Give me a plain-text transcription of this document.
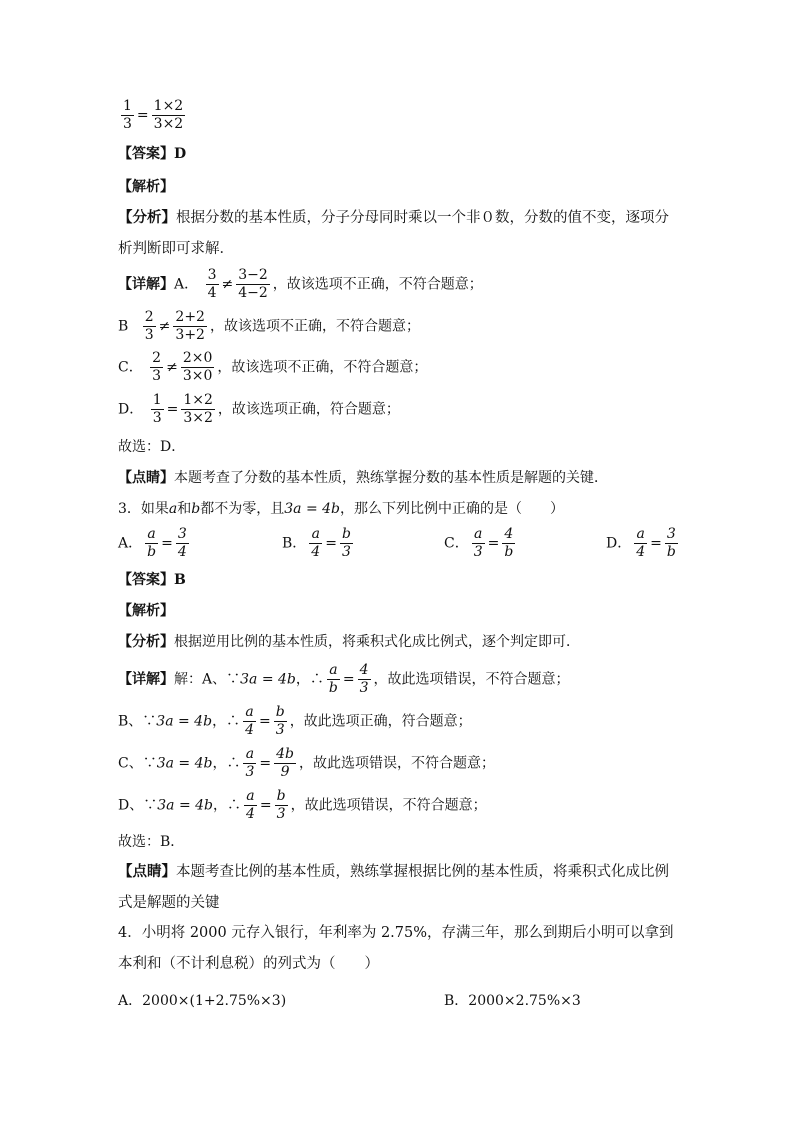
$\frac{1}{3} = \frac{1\times 2}{3\times 2}$
【答案】D
【解析】
【分析】根据分数的基本性质，分子分母同时乘以一个非０数，分数的值不变，逐项分析判断即可求解．
【详解】A． $\frac{3}{4} \ne \frac{3-2}{4-2}$ ，故该选项不正确，不符合题意；
B $\frac{2}{3} \ne \frac{2+2}{3+2}$ ，故该选项不正确，不符合题意；
C． $\frac{2}{3} \ne \frac{2\times 0}{3\times 0}$ ，故该选项不正确，不符合题意；
D． $\frac{1}{3} = \frac{1\times 2}{3\times 2}$ ，故该选项正确，符合题意；
故选：D．
【点睛】本题考查了分数的基本性质，熟练掌握分数的基本性质是解题的关键．
3．如果a和b都不为零，且3a = 4b，那么下列比例中正确的是（　　）
A． $\frac{a}{b} = \frac{3}{4}$	B． $\frac{a}{4} = \frac{b}{3}$	C． $\frac{a}{3} = \frac{4}{b}$	D． $\frac{a}{4} = \frac{3}{b}$
【答案】B
【解析】
【分析】根据逆用比例的基本性质，将乘积式化成比例式，逐个判定即可．
【详解】解：A、∵3a = 4b，∴ $\frac{a}{b} = \frac{4}{3}$ ，故此选项错误，不符合题意；
B、∵3a = 4b，∴ $\frac{a}{4} = \frac{b}{3}$ ，故此选项正确，符合题意；
C、∵3a = 4b，∴ $\frac{a}{3} = \frac{4b}{9}$ ，故此选项错误，不符合题意；
D、∵3a = 4b，∴ $\frac{a}{4} = \frac{b}{3}$ ，故此选项错误，不符合题意；
故选：B．
【点睛】本题考查比例的基本性质，熟练掌握根据比例的基本性质，将乘积式化成比例式是解题的关键
4．小明将 2000 元存入银行，年利率为 2.75%，存满三年，那么到期后小明可以拿到本利和（不计利息税）的列式为（　　）
A．2000×(1+2.75%×3)	B．2000×2.75%×3
